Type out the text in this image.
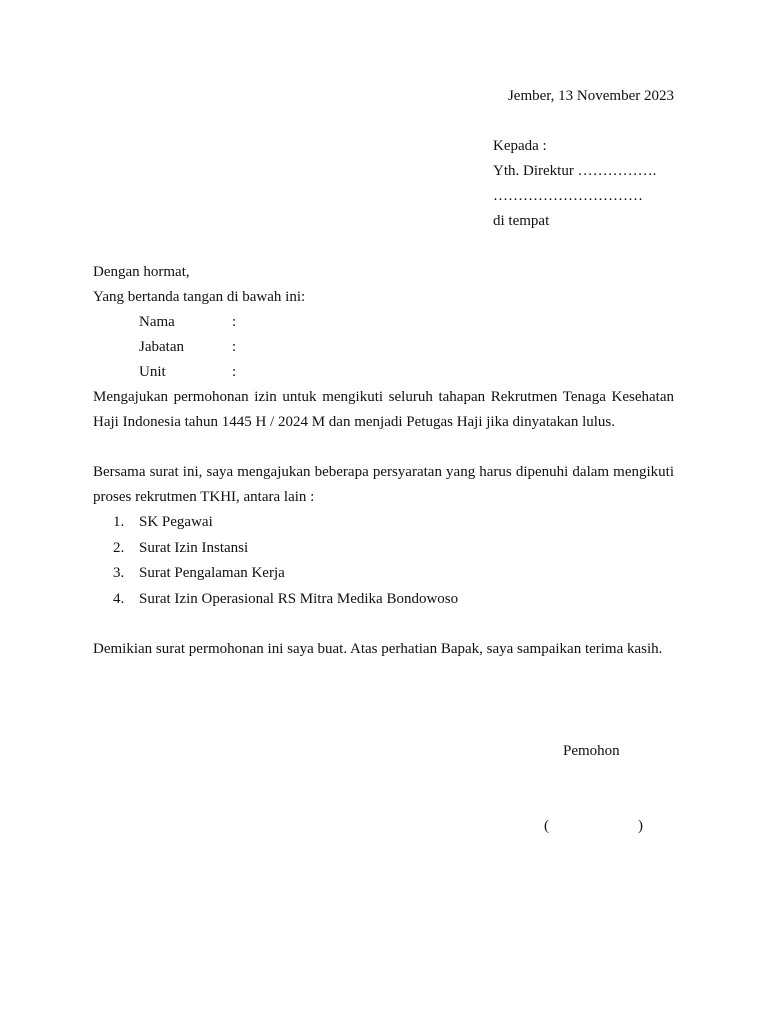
Jember, 13 November 2023
Kepada :
Yth. Direktur …………….
…………………………
di tempat
Dengan hormat,
Yang bertanda tangan di bawah ini:
Nama	:
Jabatan	:
Unit	:
Mengajukan permohonan izin untuk mengikuti seluruh tahapan Rekrutmen Tenaga Kesehatan Haji Indonesia tahun 1445 H / 2024 M dan menjadi Petugas Haji jika dinyatakan lulus.
Bersama surat ini, saya mengajukan beberapa persyaratan yang harus dipenuhi dalam mengikuti proses rekrutmen TKHI, antara lain :
1. SK Pegawai
2. Surat Izin Instansi
3. Surat Pengalaman Kerja
4. Surat Izin Operasional RS Mitra Medika Bondowoso
Demikian surat permohonan ini saya buat. Atas perhatian Bapak, saya sampaikan terima kasih.
Pemohon
(	)
